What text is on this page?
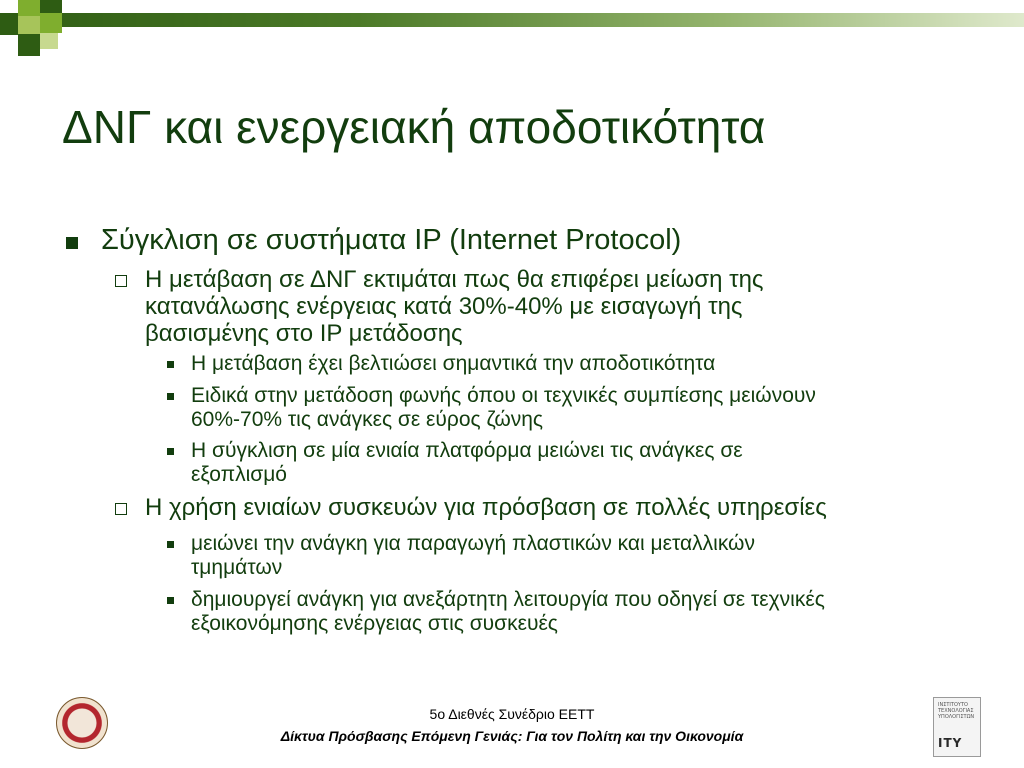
ΔΝΓ και ενεργειακή αποδοτικότητα
Σύγκλιση σε συστήματα IP (Internet Protocol)
Η μετάβαση σε ΔΝΓ εκτιμάται πως θα επιφέρει μείωση της
κατανάλωσης ενέργειας κατά 30%-40% με εισαγωγή της
βασισμένης στο IP μετάδοσης
Η μετάβαση έχει βελτιώσει σημαντικά την αποδοτικότητα
Ειδικά στην μετάδοση φωνής όπου οι τεχνικές συμπίεσης μειώνουν
60%-70% τις ανάγκες σε εύρος ζώνης
Η σύγκλιση σε μία ενιαία πλατφόρμα μειώνει τις ανάγκες σε
εξοπλισμό
Η χρήση ενιαίων συσκευών για πρόσβαση σε πολλές υπηρεσίες
μειώνει την ανάγκη για παραγωγή πλαστικών και μεταλλικών
τμημάτων
δημιουργεί ανάγκη για ανεξάρτητη λειτουργία που οδηγεί σε τεχνικές
εξοικονόμησης ενέργειας στις συσκευές
5ο Διεθνές Συνέδριο ΕΕΤΤ
Δίκτυα Πρόσβασης Επόμενη Γενιάς: Για τον Πολίτη και την Οικονομία
ΙΝΣΤΙΤΟΥΤΟ ΤΕΧΝΟΛΟΓΙΑΣ ΥΠΟΛΟΓΙΣΤΩΝ
ITY
